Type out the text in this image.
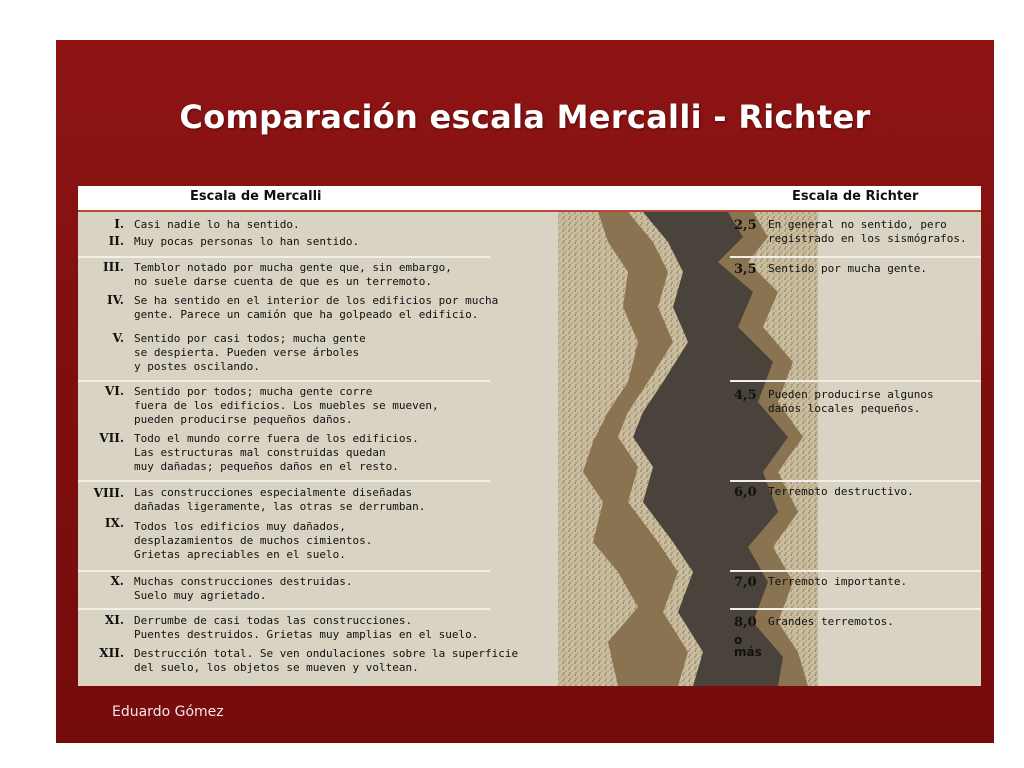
Comparación escala Mercalli - Richter
Eduardo Gómez
Escala de Mercalli	Escala de Richter
I. Casi nadie lo ha sentido.
II. Muy pocas personas lo han sentido.
III. Temblor notado por mucha gente que, sin embargo,
no suele darse cuenta de que es un terremoto.
IV. Se ha sentido en el interior de los edificios por mucha
gente. Parece un camión que ha golpeado el edificio.
V. Sentido por casi todos; mucha gente
se despierta. Pueden verse árboles
y postes oscilando.
VI. Sentido por todos; mucha gente corre
fuera de los edificios. Los muebles se mueven,
pueden producirse pequeños daños.
VII. Todo el mundo corre fuera de los edificios.
Las estructuras mal construidas quedan
muy dañadas; pequeños daños en el resto.
VIII. Las construcciones especialmente diseñadas
dañadas ligeramente, las otras se derrumban.
IX. Todos los edificios muy dañados,
desplazamientos de muchos cimientos.
Grietas apreciables en el suelo.
X. Muchas construcciones destruidas.
Suelo muy agrietado.
XI. Derrumbe de casi todas las construcciones.
Puentes destruidos. Grietas muy amplias en el suelo.
XII. Destrucción total. Se ven ondulaciones sobre la superficie
del suelo, los objetos se mueven y voltean.
2,5 En general no sentido, pero
registrado en los sismógrafos.
3,5 Sentido por mucha gente.
4,5 Pueden producirse algunos
daños locales pequeños.
6,0 Terremoto destructivo.
7,0 Terremoto importante.
8,0 Grandes terremotos.
o
más
